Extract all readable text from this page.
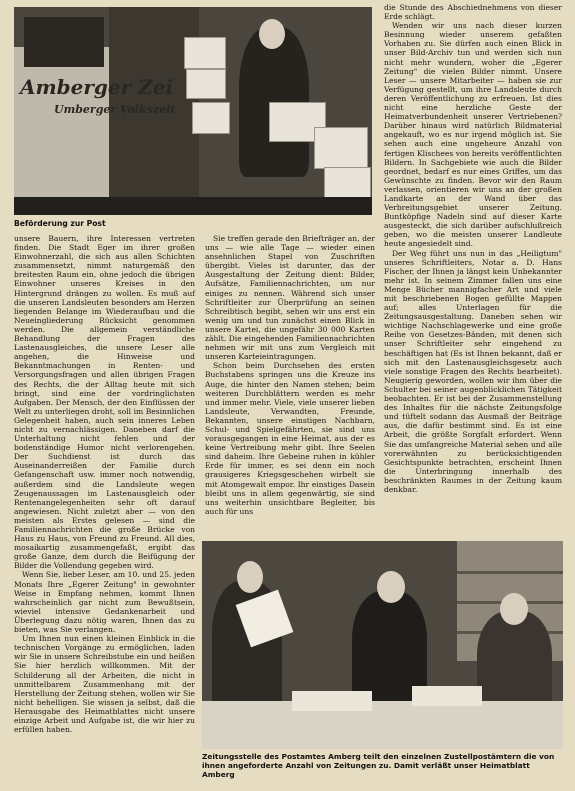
Amberger Zei
Umberger Volkszeit
Beförderung zur Post

unsere Bauern, ihre Interessen vertreten finden. Die Stadt Eger im ihrer großen Einwohnerzahl, die sich aus allen Schichten zusammensetzt, nimmt naturgemäß den breitesten Raum ein, ohne jedoch die übrigen Einwohner unseres Kreises in den Hintergrund drängen zu wollen. Es muß auf die unseren Landsleuten besonders am Herzen liegenden Belange im Wiederaufbau und die Neueingliederung Rücksicht genommen werden. Die allgemein verständliche Behandlung der Fragen des Lastenausgleiches, die unsere Leser alle angehen, die Hinweise und Bekanntmachungen in Renten- und Versorgungsfragen und allen übrigen Fragen des Rechts, die der Alltag heute mit sich bringt, sind eine der vordringlichsten Aufgaben. Der Mensch, der den Einflüssen der Welt zu unterliegen droht, soll im Besinnlichen Gelegenheit haben, auch sein inneres Leben nicht zu vernachlässigen. Daneben darf die Unterhaltung nicht fehlen und der bodenständige Humor nicht verlorengehen. Der Suchdienst ist durch das Auseinanderreißen der Familie durch Gefangenschaft usw. immer noch notwendig, außerdem sind die Landsleute wegen Zeugenaussagen im Lastenausgleich oder Rentenangelegenheiten sehr oft darauf angewiesen. Nicht zuletzt aber — von den meisten als Erstes gelesen — sind die Familiennachrichten die große Brücke von Haus zu Haus, von Freund zu Freund. All dies, mosaikartig zusammengefaßt, ergibt das große Ganze, dem durch die Beifügung der Bilder die Vollendung gegeben wird.

Wenn Sie, lieber Leser, am 10. und 25. jeden Monats Ihre „Egerer Zeitung" in gewohnter Weise in Empfang nehmen, kommt Ihnen wahrscheinlich gar nicht zum Bewußtsein, wieviel intensive Gedankenarbeit und Überlegung dazu nötig waren, Ihnen das zu bieten, was Sie verlangen.

Um Ihnen nun einen kleinen Einblick in die technischen Vorgänge zu ermöglichen, laden wir Sie in unsere Schreibstube ein und heißen Sie hier herzlich willkommen. Mit der Schilderung all der Arbeiten, die nicht in unmittelbarem Zusammenhang mit der Herstellung der Zeitung stehen, wollen wir Sie nicht behelligen. Sie wissen ja selbst, daß die Herausgabe des Heimatblattes nicht unsere einzige Arbeit und Aufgabe ist, die wir hier zu erfüllen haben.

Sie treffen gerade den Briefträger an, der uns — wie alle Tage — wieder einen ansehnlichen Stapel von Zuschriften übergibt. Vieles ist darunter, das der Ausgestaltung der Zeitung dient: Bilder, Aufsätze, Familiennachrichten, um nur einiges zu nennen. Während sich unser Schriftleiter zur Überprüfung an seinen Schreibtisch begibt, sehen wir uns erst ein wenig um und tun zunächst einen Blick in unsere Kartei, die ungefähr 30 000 Karten zählt. Die eingehenden Familiennachrichten nehmen wir mit uns zum Vergleich mit unseren Karteieintragungen.

Schon beim Durchsehen des ersten Buchstabens springen uns die Kreuze ins Auge, die hinter den Namen stehen; beim weiteren Durchblättern werden es mehr und immer mehr. Viele, viele unserer lieben Landsleute, Verwandten, Freunde, Bekannten, unsere einstigen Nachbarn, Schul- und Spielgefährten, sie sind uns vorausgegangen in eine Heimat, aus der es keine Vertreibung mehr gibt. Ihre Seelen sind daheim. Ihre Gebeine ruhen in kühler Erde für immer, es sei denn ein noch grausigeres Kriegsgeschehen wirbelt sie mit Atomgewalt empor. Ihr einstiges Dasein bleibt uns in allem gegenwärtig, sie sind uns weiterhin unsichtbare Begleiter, bis auch für uns

die Stunde des Abschiednehmens von dieser Erde schlägt.

Wenden wir uns nach dieser kurzen Besinnung wieder unserem gefaßten Vorhaben zu. Sie dürfen auch einen Blick in unser Bild-Archiv tun und werden sich nun nicht mehr wundern, woher die „Egerer Zeitung" die vielen Bilder nimmt. Unsere Leser — unsere Mitarbeiter — haben sie zur Verfügung gestellt, um ihre Landsleute durch deren Veröffentlichung zu erfreuen. Ist dies nicht eine herzliche Geste der Heimatverbundenheit unserer Vertriebenen? Darüber hinaus wird natürlich Bildmaterial angekauft, wo es nur irgend möglich ist. Sie sehen auch eine ungeheure Anzahl von fertigen Klischees von bereits veröffentlichten Bildern. In Sachgebiete wie auch die Bilder geordnet, bedarf es nur eines Griffes, um das Gewünschte zu finden. Bevor wir den Raum verlassen, orientieren wir uns an der großen Landkarte an der Wand über das Verbreitungsgebiet unserer Zeitung. Buntköpfige Nadeln sind auf dieser Karte ausgesteckt, die sich darüber aufschlußreich geben, wo die meisten unserer Landleute heute angesiedelt sind.

Der Weg führt uns nun in das „Heiligtum" unseres Schriftleiters, Notar a. D. Hans Fischer, der Ihnen ja längst kein Unbekannter mehr ist. In seinem Zimmer fallen uns eine Menge Bücher mannigfacher Art und viele mit beschriebenen Bogen gefüllte Mappen auf; alles Unterlagen für die Zeitungsausgestaltung. Daneben sehen wir wichtige Nachschlagewerke und eine große Reihe von Gesetzes-Bänden, mit denen sich unser Schriftleiter sehr eingehend zu beschäftigen hat (Es ist Ihnen bekannt, daß er sich mit den Lastenausgleichsgesetz auch viele sonstige Fragen des Rechts bearbeitet). Neugierig geworden, wollen wir ihm über die Schulter bei seiner augenblicklichen Tätigkeit beobachten. Er ist bei der Zusammenstellung des Inhaltes für die nächste Zeitungsfolge und tüftelt sodann das Ausmaß der Beiträge aus, die dafür bestimmt sind. Es ist eine Arbeit, die größte Sorgfalt erfordert. Wenn Sie das umfangreiche Material sehen und alle vorerwähnten zu berücksichtigenden Gesichtspunkte betrachten, erscheint Ihnen die Unterbringung innerhalb des beschränkten Raumes in der Zeitung kaum denkbar.

Zeitungsstelle des Postamtes Amberg teilt den einzelnen Zustellpostämtern die von ihnen angeforderte Anzahl von Zeitungen zu. Damit verläßt unser Heimatblatt Amberg
